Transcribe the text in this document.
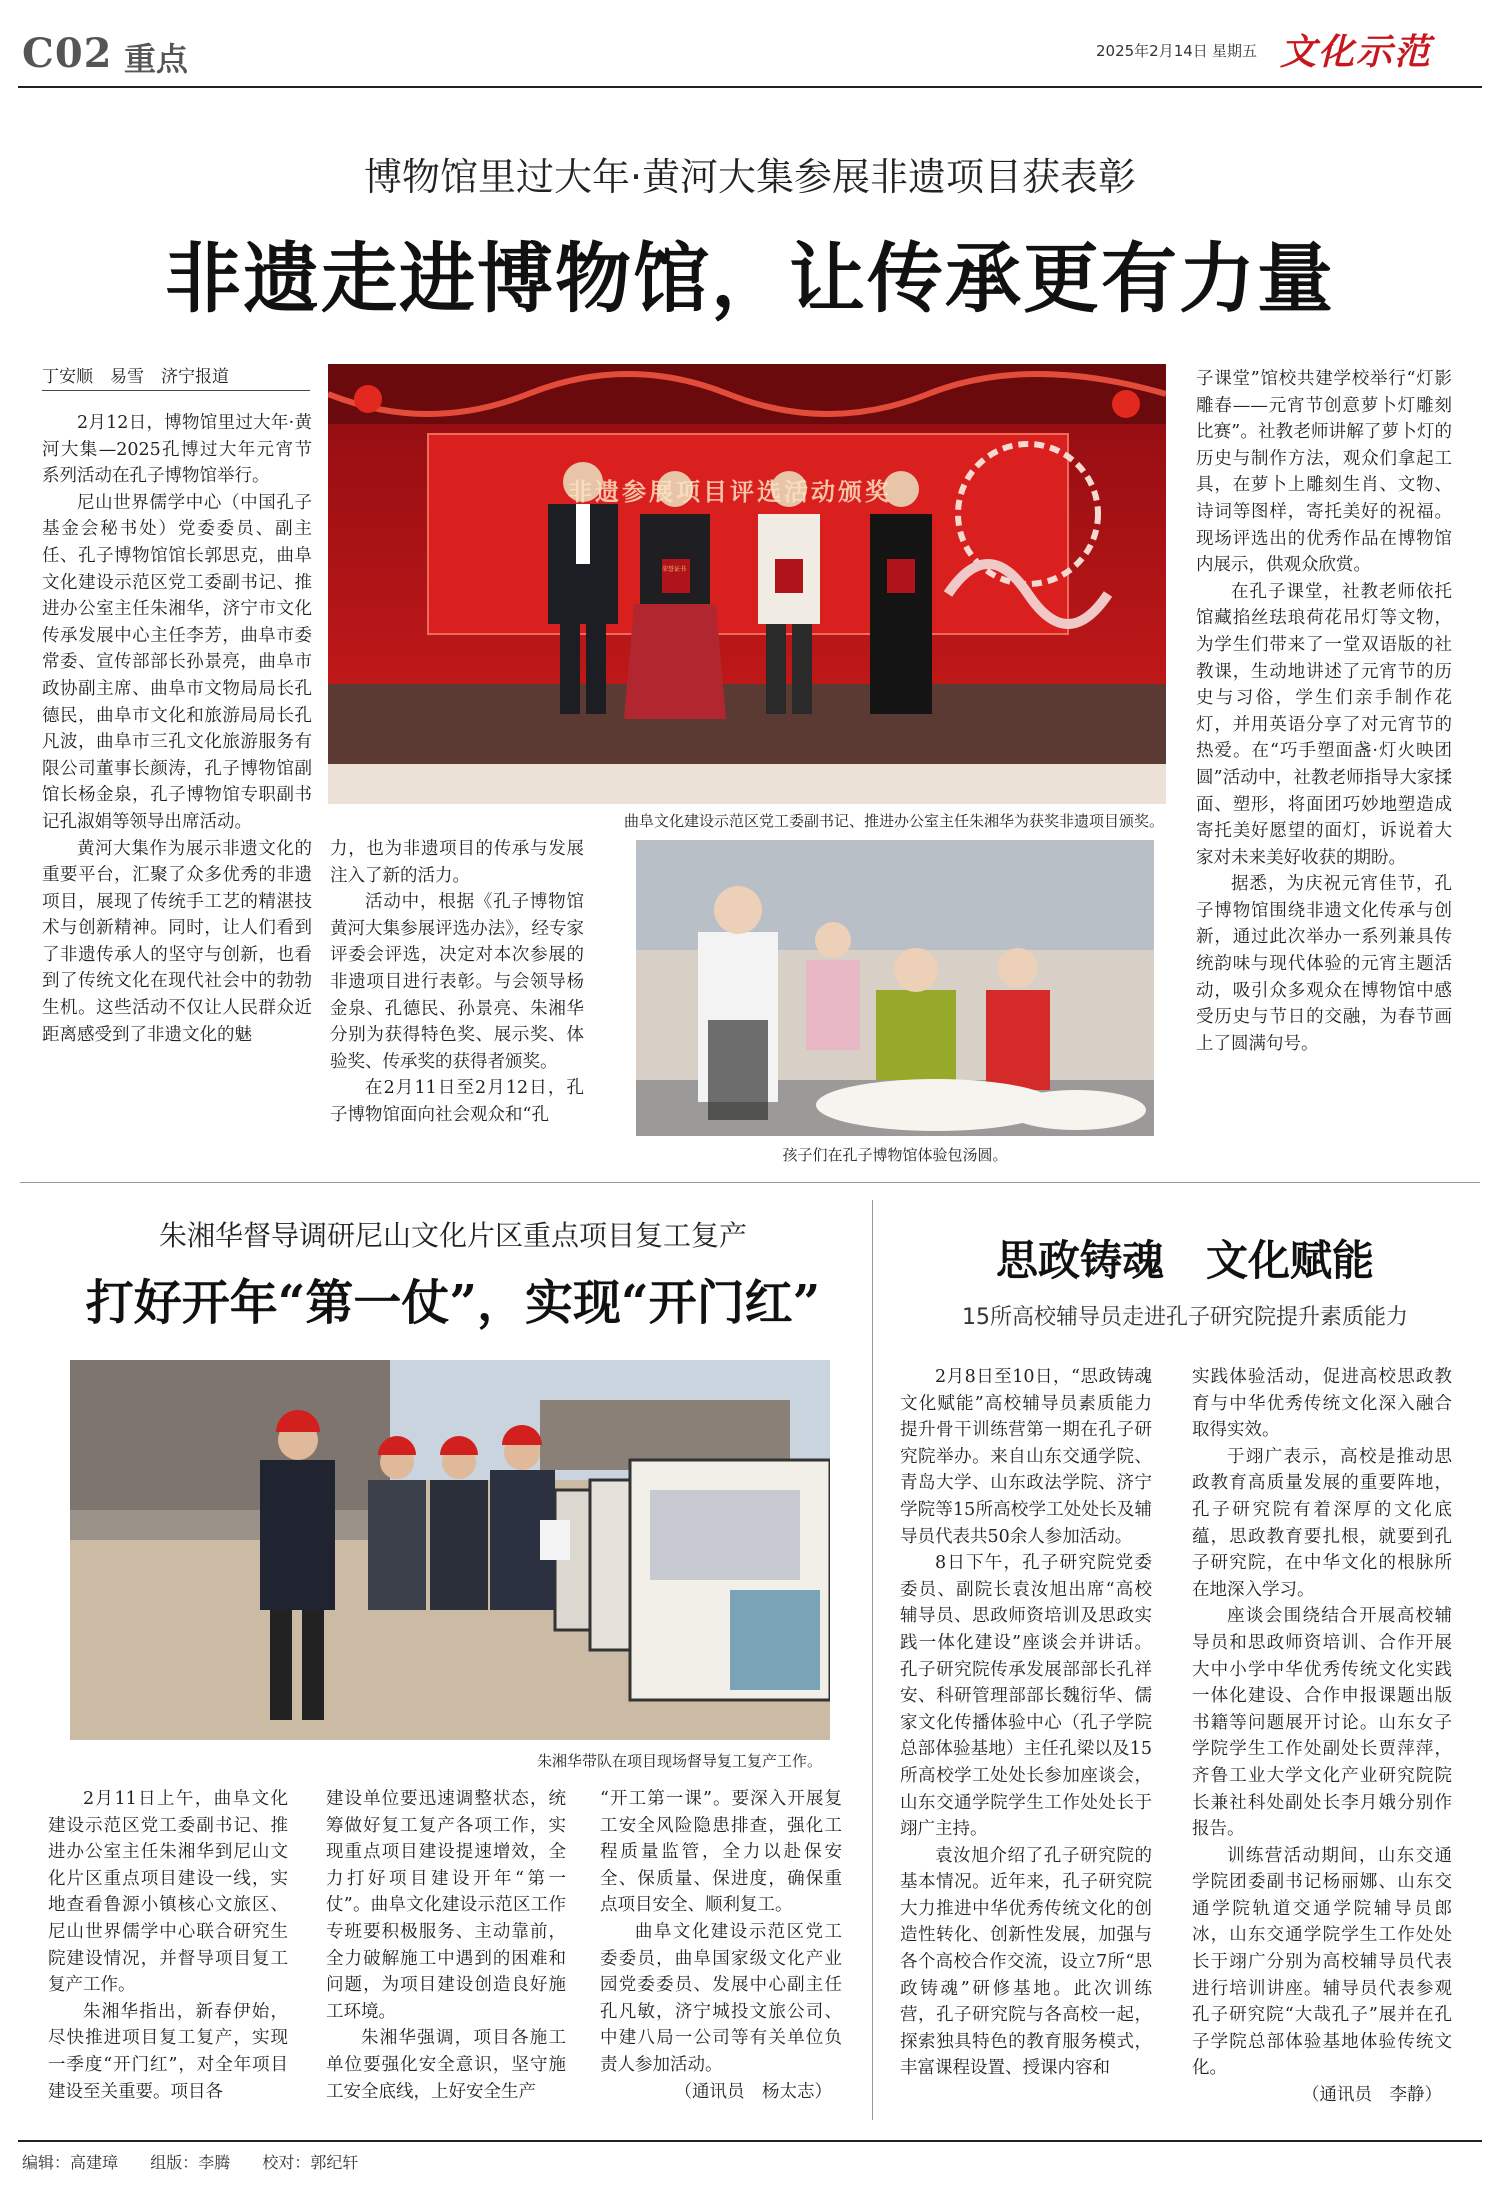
C02 重点	2025年2月14日 星期五 文化示范
博物馆里过大年·黄河大集参展非遗项目获表彰
非遗走进博物馆，让传承更有力量
丁安顺　易雪　济宁报道

2月12日，博物馆里过大年·黄河大集—2025孔博过大年元宵节系列活动在孔子博物馆举行。

尼山世界儒学中心（中国孔子基金会秘书处）党委委员、副主任、孔子博物馆馆长郭思克，曲阜文化建设示范区党工委副书记、推进办公室主任朱湘华，济宁市文化传承发展中心主任李芳，曲阜市委常委、宣传部部长孙景亮，曲阜市政协副主席、曲阜市文物局局长孔德民，曲阜市文化和旅游局局长孔凡波，曲阜市三孔文化旅游服务有限公司董事长颜涛，孔子博物馆副馆长杨金泉，孔子博物馆专职副书记孔淑娟等领导出席活动。

黄河大集作为展示非遗文化的重要平台，汇聚了众多优秀的非遗项目，展现了传统手工艺的精湛技术与创新精神。同时，让人们看到了非遗传承人的坚守与创新，也看到了传统文化在现代社会中的勃勃生机。这些活动不仅让人民群众近距离感受到了非遗文化的魅

非遗参展项目评选活动颁奖
荣誉证书
曲阜文化建设示范区党工委副书记、推进办公室主任朱湘华为获奖非遗项目颁奖。

力，也为非遗项目的传承与发展注入了新的活力。

活动中，根据《孔子博物馆黄河大集参展评选办法》，经专家评委会评选，决定对本次参展的非遗项目进行表彰。与会领导杨金泉、孔德民、孙景亮、朱湘华分别为获得特色奖、展示奖、体验奖、传承奖的获得者颁奖。

在2月11日至2月12日，孔子博物馆面向社会观众和“孔

孩子们在孔子博物馆体验包汤圆。

子课堂”馆校共建学校举行“灯影雕春——元宵节创意萝卜灯雕刻比赛”。社教老师讲解了萝卜灯的历史与制作方法，观众们拿起工具，在萝卜上雕刻生肖、文物、诗词等图样，寄托美好的祝福。现场评选出的优秀作品在博物馆内展示，供观众欣赏。

在孔子课堂，社教老师依托馆藏掐丝珐琅荷花吊灯等文物，为学生们带来了一堂双语版的社教课，生动地讲述了元宵节的历史与习俗，学生们亲手制作花灯，并用英语分享了对元宵节的热爱。在“巧手塑面盏·灯火映团圆”活动中，社教老师指导大家揉面、塑形，将面团巧妙地塑造成寄托美好愿望的面灯，诉说着大家对未来美好收获的期盼。

据悉，为庆祝元宵佳节，孔子博物馆围绕非遗文化传承与创新，通过此次举办一系列兼具传统韵味与现代体验的元宵主题活动，吸引众多观众在博物馆中感受历史与节日的交融，为春节画上了圆满句号。

朱湘华督导调研尼山文化片区重点项目复工复产
打好开年“第一仗”，实现“开门红”
朱湘华带队在项目现场督导复工复产工作。

2月11日上午，曲阜文化建设示范区党工委副书记、推进办公室主任朱湘华到尼山文化片区重点项目建设一线，实地查看鲁源小镇核心文旅区、尼山世界儒学中心联合研究生院建设情况，并督导项目复工复产工作。

朱湘华指出，新春伊始，尽快推进项目复工复产，实现一季度“开门红”，对全年项目建设至关重要。项目各

建设单位要迅速调整状态，统筹做好复工复产各项工作，实现重点项目建设提速增效，全力打好项目建设开年“第一仗”。曲阜文化建设示范区工作专班要积极服务、主动靠前，全力破解施工中遇到的困难和问题，为项目建设创造良好施工环境。

朱湘华强调，项目各施工单位要强化安全意识，坚守施工安全底线，上好安全生产

“开工第一课”。要深入开展复工安全风险隐患排查，强化工程质量监管，全力以赴保安全、保质量、保进度，确保重点项目安全、顺利复工。

曲阜文化建设示范区党工委委员，曲阜国家级文化产业园党委委员、发展中心副主任孔凡敏，济宁城投文旅公司、中建八局一公司等有关单位负责人参加活动。

（通讯员　杨太志）

思政铸魂　文化赋能
15所高校辅导员走进孔子研究院提升素质能力

2月8日至10日，“思政铸魂　文化赋能”高校辅导员素质能力提升骨干训练营第一期在孔子研究院举办。来自山东交通学院、青岛大学、山东政法学院、济宁学院等15所高校学工处处长及辅导员代表共50余人参加活动。

8日下午，孔子研究院党委委员、副院长袁汝旭出席“高校辅导员、思政师资培训及思政实践一体化建设”座谈会并讲话。孔子研究院传承发展部部长孔祥安、科研管理部部长魏衍华、儒家文化传播体验中心（孔子学院总部体验基地）主任孔梁以及15所高校学工处处长参加座谈会，山东交通学院学生工作处处长于翊广主持。

袁汝旭介绍了孔子研究院的基本情况。近年来，孔子研究院大力推进中华优秀传统文化的创造性转化、创新性发展，加强与各个高校合作交流，设立7所“思政铸魂”研修基地。此次训练营，孔子研究院与各高校一起，探索独具特色的教育服务模式，丰富课程设置、授课内容和

实践体验活动，促进高校思政教育与中华优秀传统文化深入融合取得实效。

于翊广表示，高校是推动思政教育高质量发展的重要阵地，孔子研究院有着深厚的文化底蕴，思政教育要扎根，就要到孔子研究院，在中华文化的根脉所在地深入学习。

座谈会围绕结合开展高校辅导员和思政师资培训、合作开展大中小学中华优秀传统文化实践一体化建设、合作申报课题出版书籍等问题展开讨论。山东女子学院学生工作处副处长贾萍萍，齐鲁工业大学文化产业研究院院长兼社科处副处长李月娥分别作报告。

训练营活动期间，山东交通学院团委副书记杨丽娜、山东交通学院轨道交通学院辅导员郎冰，山东交通学院学生工作处处长于翊广分别为高校辅导员代表进行培训讲座。辅导员代表参观孔子研究院“大哉孔子”展并在孔子学院总部体验基地体验传统文化。

（通讯员　李静）

编辑：高建璋 组版：李腾 校对：郭纪轩
